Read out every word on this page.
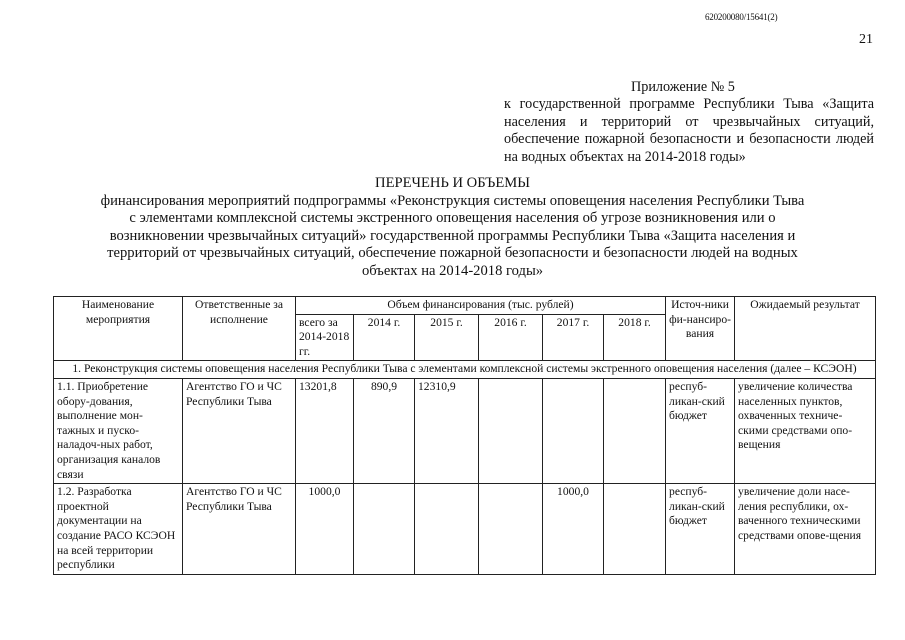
620200080/15641(2)
21
Приложение № 5
к государственной программе Республики Тыва «Защита населения и территорий от чрезвычайных ситуаций, обеспечение пожарной безопасности и безопасности людей на водных объектах на 2014-2018 годы»
ПЕРЕЧЕНЬ И ОБЪЕМЫ
финансирования мероприятий подпрограммы «Реконструкция системы оповещения населения Республики Тыва с элементами комплексной системы экстренного оповещения населения об угрозе возникновения или о возникновении чрезвычайных ситуаций» государственной программы Республики Тыва «Защита населения и территорий от чрезвычайных ситуаций, обеспечение пожарной безопасности и безопасности людей на водных объектах на 2014-2018 годы»
Наименование мероприятия	Ответственные за исполнение	Объем финансирования (тыс. рублей)						Источ-ники фи-нансиро-вания	Ожидаемый результат
		всего за 2014-2018 гг.	2014 г.	2015 г.	2016 г.	2017 г.	2018 г.		
1. Реконструкция системы оповещения населения Республики Тыва с элементами комплексной системы экстренного оповещения населения (далее – КСЭОН)									
1.1. Приобретение обору-дования, выполнение мон-тажных и пуско-наладоч-ных работ, организация каналов связи	Агентство ГО и ЧС Республики Тыва	13201,8	890,9	12310,9				респуб-ликан-ский бюджет	увеличение количества населенных пунктов, охваченных техниче-скими средствами опо-вещения
1.2. Разработка проектной документации на создание РАСО КСЭОН на всей территории республики	Агентство ГО и ЧС Республики Тыва	1000,0				1000,0		респуб-ликан-ский бюджет	увеличение доли насе-ления республики, ох-ваченного техническими средствами оповe-щения
